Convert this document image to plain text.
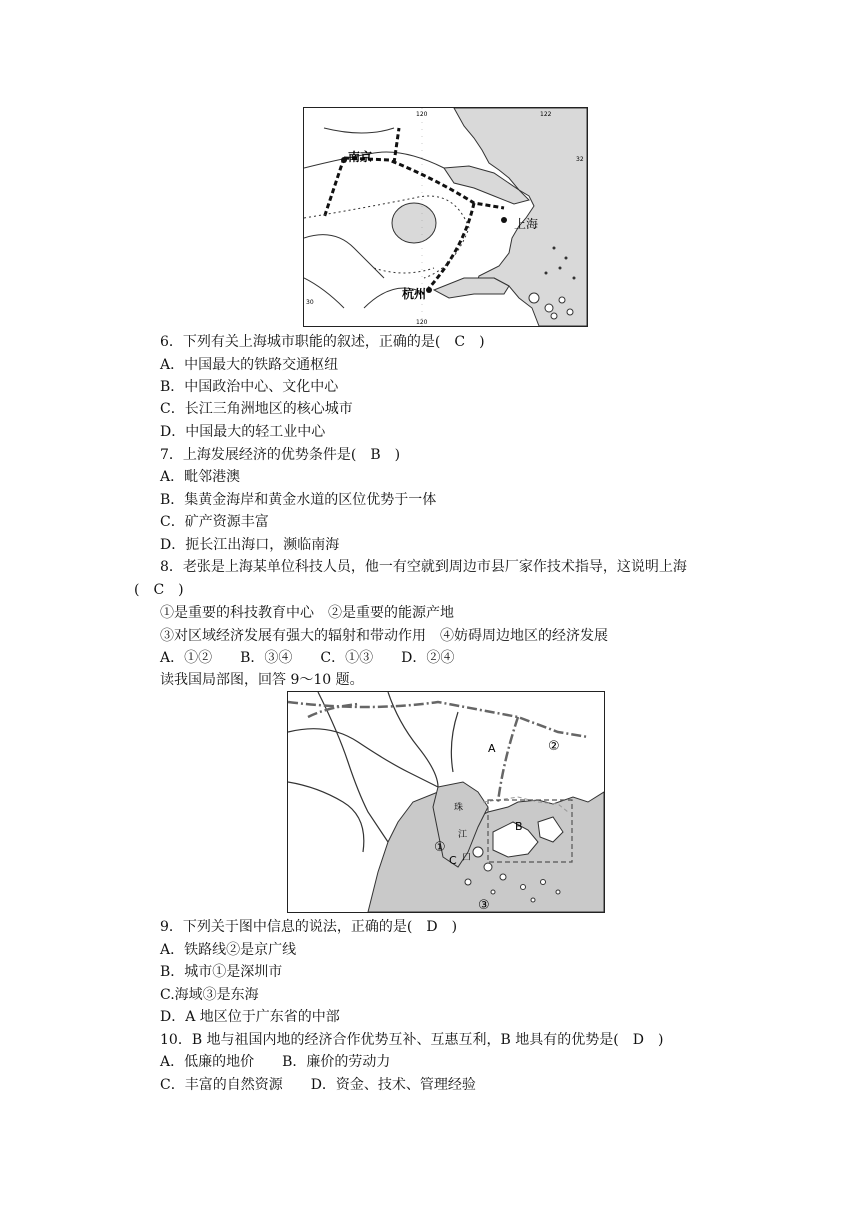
南京
上海
杭州
120	122
32
30
120
6．下列有关上海城市职能的叙述，正确的是(　C　)
A．中国最大的铁路交通枢纽
B．中国政治中心、文化中心
C．长江三角洲地区的核心城市
D．中国最大的轻工业中心
7．上海发展经济的优势条件是(　B　)
A．毗邻港澳
B．集黄金海岸和黄金水道的区位优势于一体
C．矿产资源丰富
D．扼长江出海口，濒临南海
8．老张是上海某单位科技人员，他一有空就到周边市县厂家作技术指导，这说明上海
(　C　)
①是重要的科技教育中心　②是重要的能源产地
③对区域经济发展有强大的辐射和带动作用　④妨碍周边地区的经济发展
A．①②　　B．③④　　C．①③　　D．②④
读我国局部图，回答 9～10 题。
A
B
C
珠
江
口
①
②
③
9．下列关于图中信息的说法，正确的是(　D　)
A．铁路线②是京广线
B．城市①是深圳市
C.海域③是东海
D．A 地区位于广东省的中部
10．B 地与祖国内地的经济合作优势互补、互惠互利，B 地具有的优势是(　D　)
A．低廉的地价　　B．廉价的劳动力
C．丰富的自然资源　　D．资金、技术、管理经验
